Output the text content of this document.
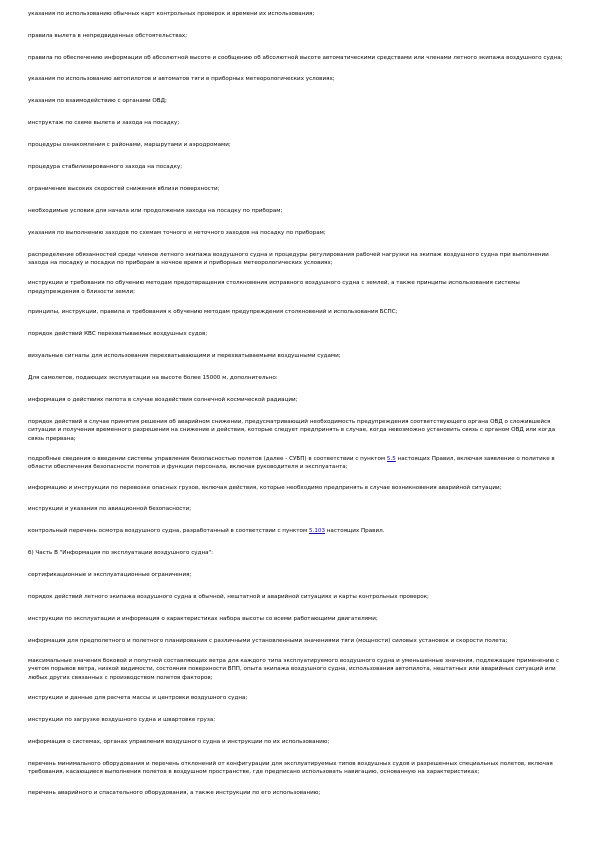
указания по использованию обычных карт контрольных проверок и времени их использования;

правила вылета в непредвиденных обстоятельствах;

правила по обеспечению информации об абсолютной высоте и сообщению об абсолютной высоте автоматическими средствами или членами летного экипажа воздушного судна;

указания по использованию автопилотов и автоматов тяги в приборных метеорологических условиях;

указания по взаимодействию с органами ОВД;

инструктаж по схеме вылета и захода на посадку;

процедуры ознакомления с районами, маршрутами и аэродромами;

процедура стабилизированного захода на посадку;

ограничение высоких скоростей снижения вблизи поверхности;

необходимые условия для начала или продолжения захода на посадку по приборам;

указания по выполнению заходов по схемам точного и неточного заходов на посадку по приборам;

распределение обязанностей среди членов летного экипажа воздушного судна и процедуры регулирования рабочей нагрузки на экипаж воздушного судна при выполнении захода на посадку и посадки по приборам в ночное время и приборных метеорологических условиях;

инструкции и требования по обучению методам предотвращения столкновения исправного воздушного судна с землей, а также принципы использования системы предупреждения о близости земли;

принципы, инструкции, правила и требования к обучению методам предупреждения столкновений и использования БСПС;

порядок действий КВС перехватываемых воздушных судов;

визуальные сигналы для использования перехватывающими и перехватываемыми воздушными судами;

Для самолетов, подающих эксплуатации на высоте более 15000 м, дополнительно:

информация о действиях пилота в случае воздействия солнечной космической радиации;

порядок действий в случае принятия решения об аварийном снижении, предусматривающий необходимость предупреждения соответствующего органа ОВД о сложившейся ситуации и получения временного разрешения на снижение и действия, которые следует предпринять в случае, когда невозможно установить связь с органом ОВД или когда связь прервана;

подробные сведения о введении системы управления безопасностью полетов (далее - СУБП) в соответствии с пунктом 5.5 настоящих Правил, включая заявление о политике в области обеспечения безопасности полетов и функции персонала, включая руководителя и эксплуатанта;

информацию и инструкции по перевозке опасных грузов, включая действия, которые необходимо предпринять в случае возникновения аварийной ситуации;

инструкции и указания по авиационной безопасности;

контрольный перечень осмотра воздушного судна, разработанный в соответствии с пунктом 5.103 настоящих Правил.

б) Часть В "Информация по эксплуатации воздушного судна":

сертификационные и эксплуатационные ограничения;

порядок действий летного экипажа воздушного судна в обычной, нештатной и аварийной ситуациях и карты контрольных проверок;

инструкции по эксплуатации и информация о характеристиках набора высоты со всеми работающими двигателями;

информация для предполетного и полетного планирования с различными установленными значениями тяги (мощности) силовых установок и скорости полета;

максимальные значения боковой и попутной составляющих ветра для каждого типа эксплуатируемого воздушного судна и уменьшенные значения, подлежащие применению с учетом порывов ветра, низкой видимости, состояния поверхности ВПП, опыта экипажа воздушного судна, использования автопилота, нештатных или аварийных ситуаций или любых других связанных с производством полетов факторов;

инструкции и данные для расчета массы и центровки воздушного судна;

инструкции по загрузке воздушного судна и швартовке груза;

информация о системах, органах управления воздушного судна и инструкции по их использованию;

перечень минимального оборудования и перечень отклонений от конфигурации для эксплуатируемых типов воздушных судов и разрешенных специальных полетов, включая требования, касающиеся выполнения полетов в воздушном пространстве, где предписано использовать навигацию, основанную на характеристиках;

перечень аварийного и спасательного оборудования, а также инструкции по его использованию;
